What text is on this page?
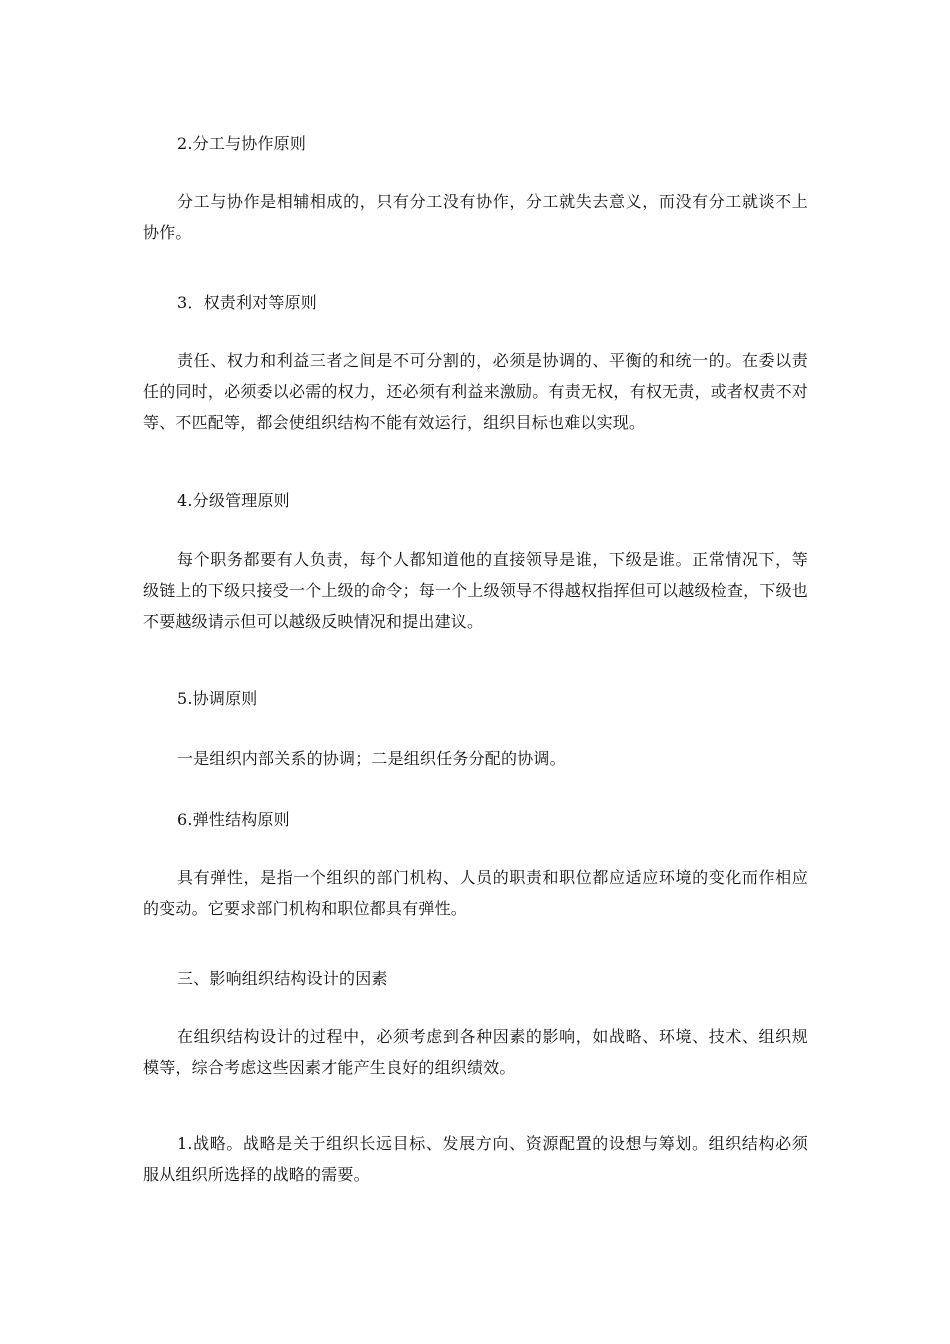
2.分工与协作原则
分工与协作是相辅相成的，只有分工没有协作，分工就失去意义，而没有分工就谈不上协作。
3．权责利对等原则
责任、权力和利益三者之间是不可分割的，必须是协调的、平衡的和统一的。在委以责任的同时，必须委以必需的权力，还必须有利益来激励。有责无权，有权无责，或者权责不对等、不匹配等，都会使组织结构不能有效运行，组织目标也难以实现。
4.分级管理原则
每个职务都要有人负责，每个人都知道他的直接领导是谁，下级是谁。正常情况下，等级链上的下级只接受一个上级的命令；每一个上级领导不得越权指挥但可以越级检查，下级也不要越级请示但可以越级反映情况和提出建议。
5.协调原则
一是组织内部关系的协调；二是组织任务分配的协调。
6.弹性结构原则
具有弹性，是指一个组织的部门机构、人员的职责和职位都应适应环境的变化而作相应的变动。它要求部门机构和职位都具有弹性。
三、影响组织结构设计的因素
在组织结构设计的过程中，必须考虑到各种因素的影响，如战略、环境、技术、组织规模等，综合考虑这些因素才能产生良好的组织绩效。
1.战略。战略是关于组织长远目标、发展方向、资源配置的设想与筹划。组织结构必须服从组织所选择的战略的需要。
